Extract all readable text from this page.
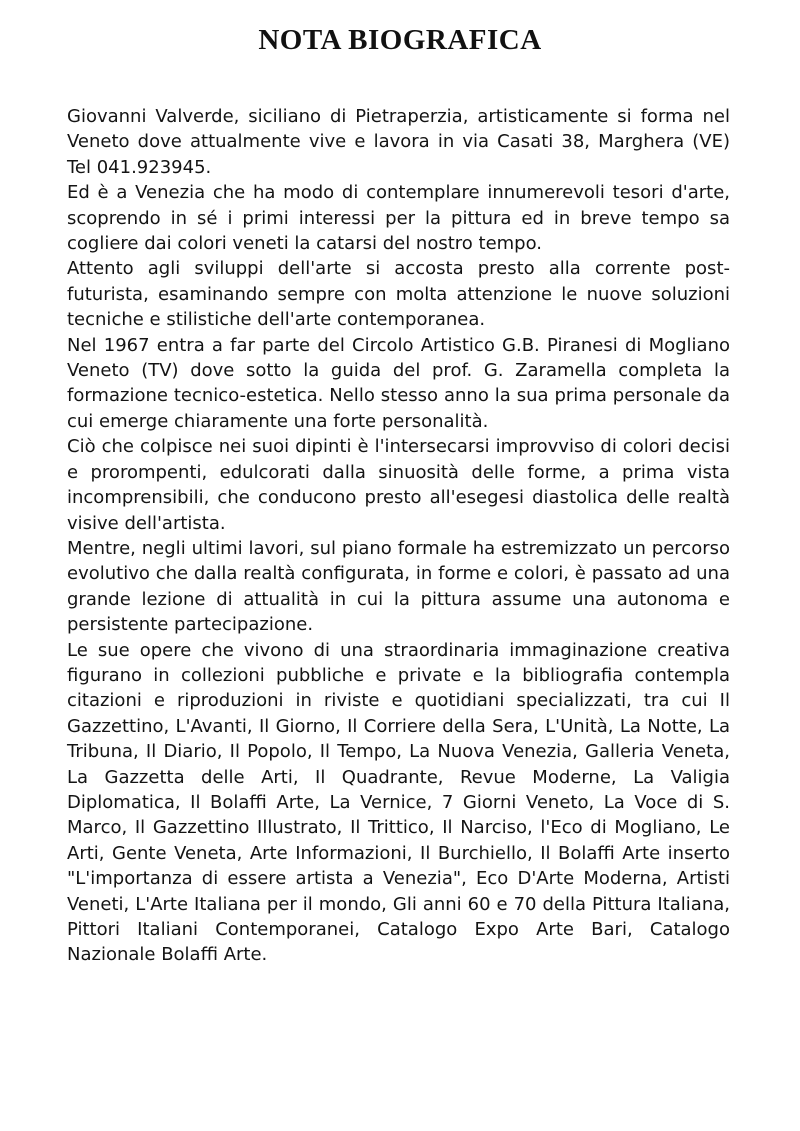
NOTA BIOGRAFICA

Giovanni Valverde, siciliano di Pietraperzia, artisticamente si forma nel Veneto dove attualmente vive e lavora in via Casati 38, Marghera (VE) Tel 041.923945.

Ed è a Venezia che ha modo di contemplare innumerevoli tesori d'arte, scoprendo in sé i primi interessi per la pittura ed in breve tempo sa cogliere dai colori veneti la catarsi del nostro tempo.

Attento agli sviluppi dell'arte si accosta presto alla corrente post-futurista, esaminando sempre con molta attenzione le nuove soluzioni tecniche e stilistiche dell'arte contemporanea.

Nel 1967 entra a far parte del Circolo Artistico G.B. Piranesi di Mogliano Veneto (TV) dove sotto la guida del prof. G. Zaramella completa la formazione tecnico-estetica. Nello stesso anno la sua prima personale da cui emerge chiaramente una forte personalità.

Ciò che colpisce nei suoi dipinti è l'intersecarsi improvviso di colori decisi e prorompenti, edulcorati dalla sinuosità delle forme, a prima vista incomprensibili, che conducono presto all'esegesi diastolica delle realtà visive dell'artista.

Mentre, negli ultimi lavori, sul piano formale ha estremizzato un percorso evolutivo che dalla realtà configurata, in forme e colori, è passato ad una grande lezione di attualità in cui la pittura assume una autonoma e persistente partecipazione.

Le sue opere che vivono di una straordinaria immaginazione creativa figurano in collezioni pubbliche e private e la bibliografia contempla citazioni e riproduzioni in riviste e quotidiani specializzati, tra cui Il Gazzettino, L'Avanti, Il Giorno, Il Corriere della Sera, L'Unità, La Notte, La Tribuna, Il Diario, Il Popolo, Il Tempo, La Nuova Venezia, Galleria Veneta, La Gazzetta delle Arti, Il Quadrante, Revue Moderne, La Valigia Diplomatica, Il Bolaffi Arte, La Vernice, 7 Giorni Veneto, La Voce di S. Marco, Il Gazzettino Illustrato, Il Trittico, Il Narciso, l'Eco di Mogliano, Le Arti, Gente Veneta, Arte Informazioni, Il Burchiello, Il Bolaffi Arte inserto "L'importanza di essere artista a Venezia", Eco D'Arte Moderna, Artisti Veneti, L'Arte Italiana per il mondo, Gli anni 60 e 70 della Pittura Italiana, Pittori Italiani Contemporanei, Catalogo Expo Arte Bari, Catalogo Nazionale Bolaffi Arte.
